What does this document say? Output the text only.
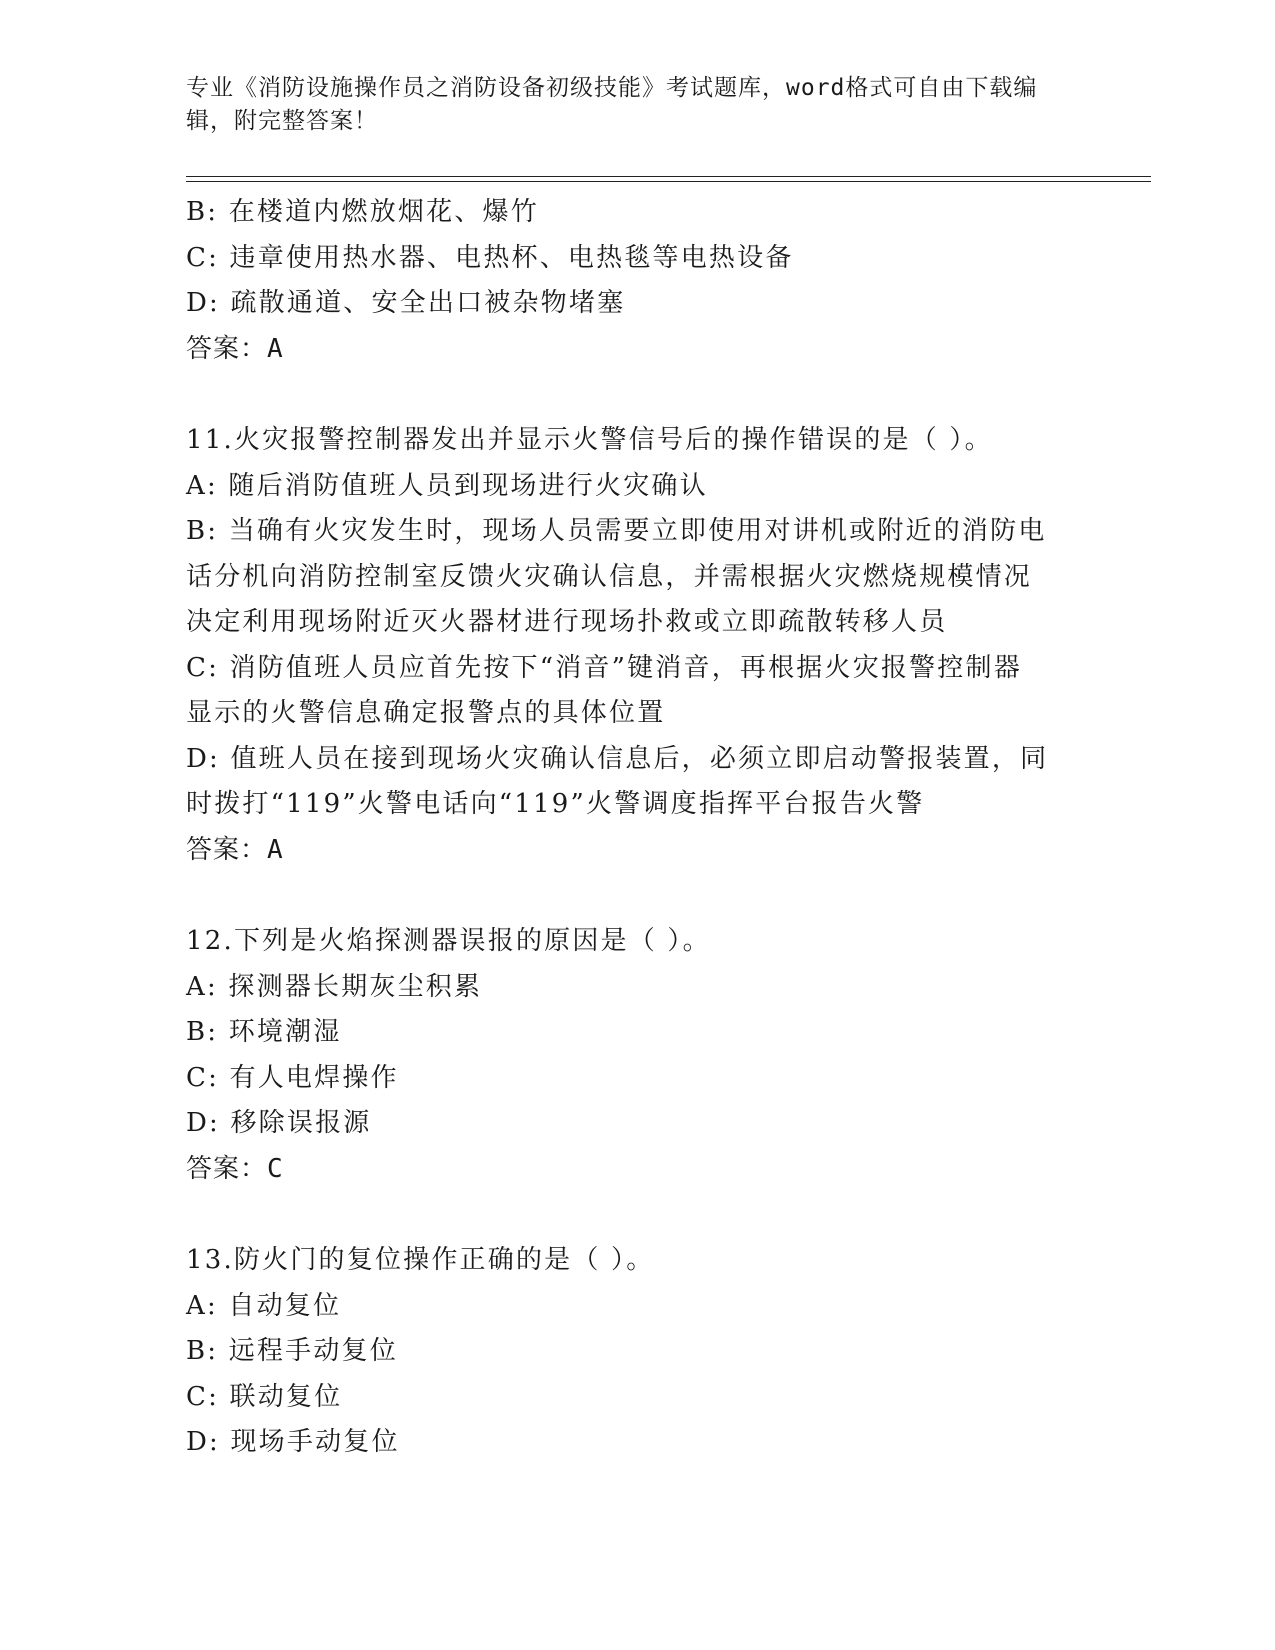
专业《消防设施操作员之消防设备初级技能》考试题库，word格式可自由下载编
辑，附完整答案！
B: 在楼道内燃放烟花、爆竹
C: 违章使用热水器、电热杯、电热毯等电热设备
D: 疏散通道、安全出口被杂物堵塞
答案：A
11.火灾报警控制器发出并显示火警信号后的操作错误的是（ ）。
A: 随后消防值班人员到现场进行火灾确认
B: 当确有火灾发生时，现场人员需要立即使用对讲机或附近的消防电
话分机向消防控制室反馈火灾确认信息，并需根据火灾燃烧规模情况
决定利用现场附近灭火器材进行现场扑救或立即疏散转移人员
C: 消防值班人员应首先按下“消音”键消音，再根据火灾报警控制器
显示的火警信息确定报警点的具体位置
D: 值班人员在接到现场火灾确认信息后，必须立即启动警报装置，同
时拨打“119”火警电话向“119”火警调度指挥平台报告火警
答案：A
12.下列是火焰探测器误报的原因是（ ）。
A: 探测器长期灰尘积累
B: 环境潮湿
C: 有人电焊操作
D: 移除误报源
答案：C
13.防火门的复位操作正确的是（ ）。
A: 自动复位
B: 远程手动复位
C: 联动复位
D: 现场手动复位
